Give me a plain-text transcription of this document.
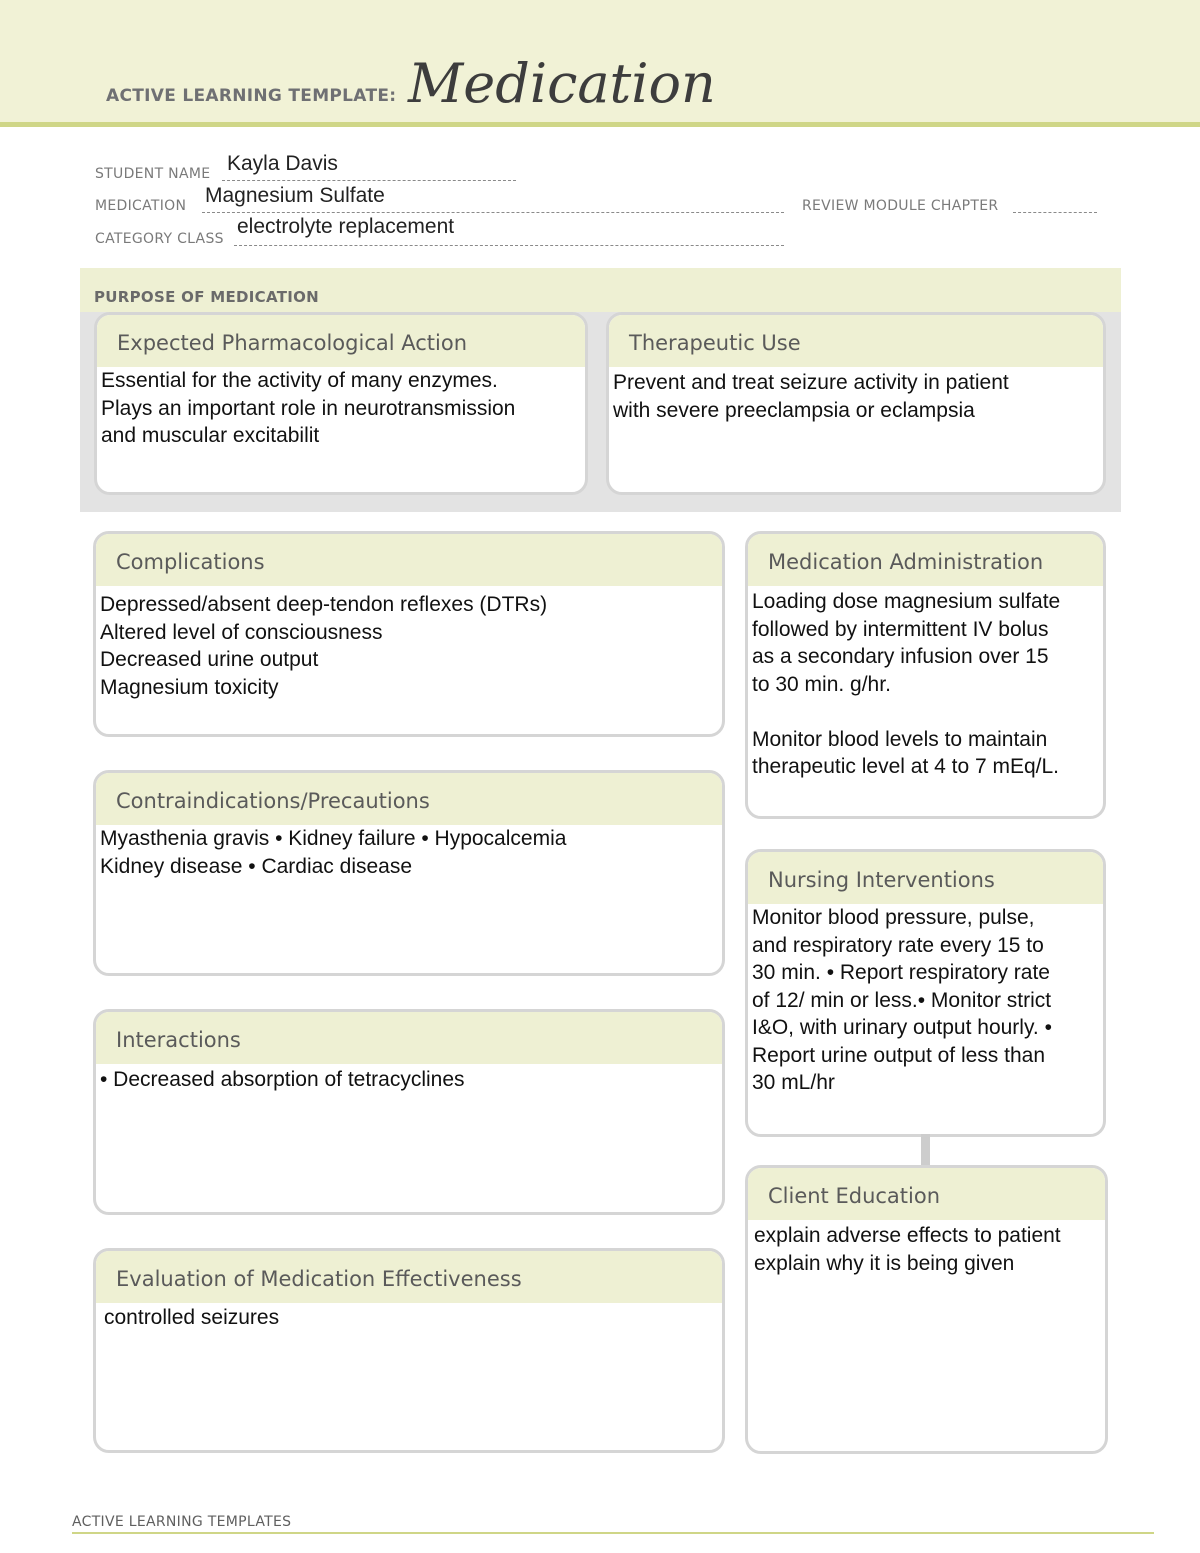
ACTIVE LEARNING TEMPLATE: Medication
STUDENT NAME Kayla Davis
MEDICATION Magnesium Sulfate	REVIEW MODULE CHAPTER
CATEGORY CLASS
electrolyte replacement
PURPOSE OF MEDICATION
Expected Pharmacological Action
Essential for the activity of many enzymes.
Plays an important role in neurotransmission
and muscular excitabilit
Therapeutic Use
Prevent and treat seizure activity in patient
with severe preeclampsia or eclampsia
Complications
Depressed/absent deep-tendon reflexes (DTRs)
Altered level of consciousness
Decreased urine output
Magnesium toxicity
Contraindications/Precautions
Myasthenia gravis • Kidney failure • Hypocalcemia
Kidney disease • Cardiac disease
Interactions
• Decreased absorption of tetracyclines
Evaluation of Medication Effectiveness
controlled seizures
Medication Administration
Loading dose magnesium sulfate
followed by intermittent IV bolus
as a secondary infusion over 15
to 30 min. g/hr.

Monitor blood levels to maintain
therapeutic level at 4 to 7 mEq/L.
Nursing Interventions
Monitor blood pressure, pulse,
and respiratory rate every 15 to
30 min. • Report respiratory rate
of 12/ min or less.• Monitor strict
I&O, with urinary output hourly. •
Report urine output of less than
30 mL/hr
Client Education
explain adverse effects to patient
explain why it is being given
ACTIVE LEARNING TEMPLATES
